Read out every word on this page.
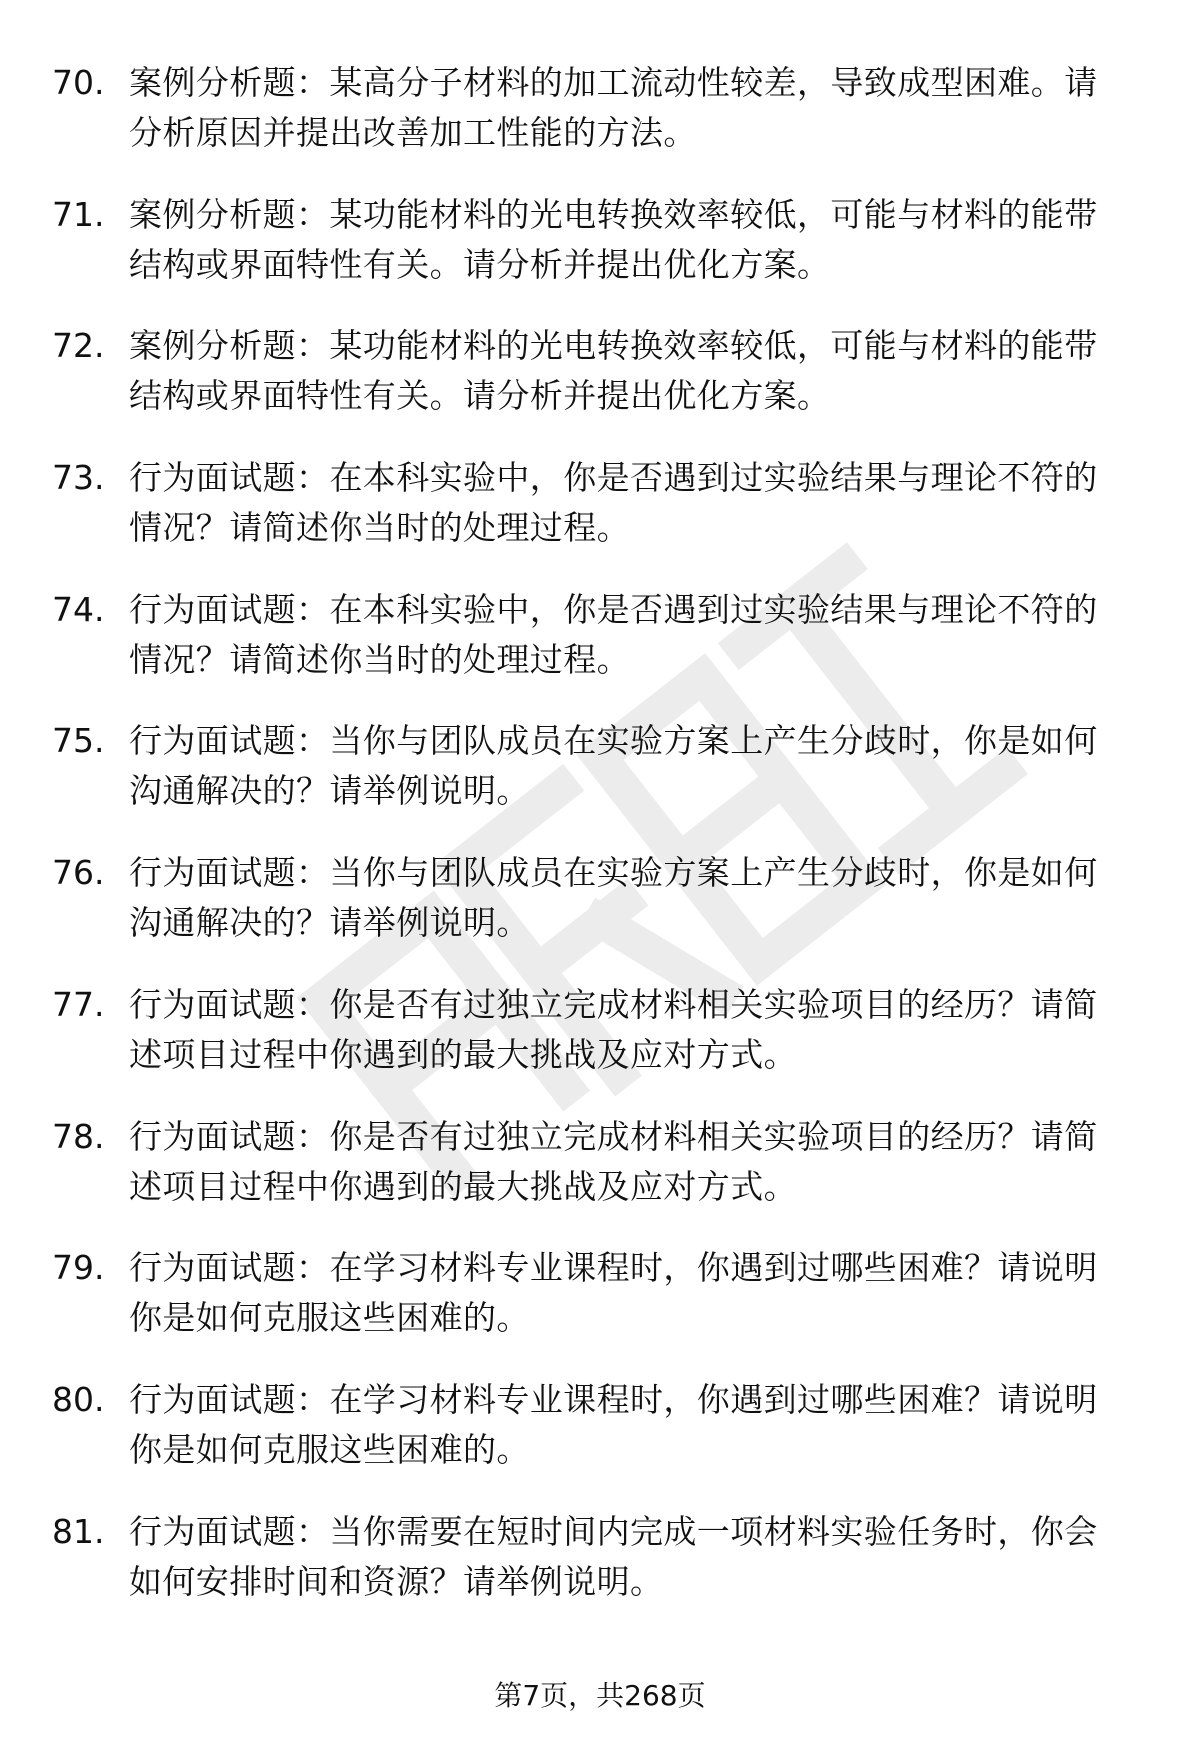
70. 案例分析题：某高分子材料的加工流动性较差，导致成型困难。请分析原因并提出改善加工性能的方法。
71. 案例分析题：某功能材料的光电转换效率较低，可能与材料的能带结构或界面特性有关。请分析并提出优化方案。
72. 案例分析题：某功能材料的光电转换效率较低，可能与材料的能带结构或界面特性有关。请分析并提出优化方案。
73. 行为面试题：在本科实验中，你是否遇到过实验结果与理论不符的情况？请简述你当时的处理过程。
74. 行为面试题：在本科实验中，你是否遇到过实验结果与理论不符的情况？请简述你当时的处理过程。
75. 行为面试题：当你与团队成员在实验方案上产生分歧时，你是如何沟通解决的？请举例说明。
76. 行为面试题：当你与团队成员在实验方案上产生分歧时，你是如何沟通解决的？请举例说明。
77. 行为面试题：你是否有过独立完成材料相关实验项目的经历？请简述项目过程中你遇到的最大挑战及应对方式。
78. 行为面试题：你是否有过独立完成材料相关实验项目的经历？请简述项目过程中你遇到的最大挑战及应对方式。
79. 行为面试题：在学习材料专业课程时，你遇到过哪些困难？请说明你是如何克服这些困难的。
80. 行为面试题：在学习材料专业课程时，你遇到过哪些困难？请说明你是如何克服这些困难的。
81. 行为面试题：当你需要在短时间内完成一项材料实验任务时，你会如何安排时间和资源？请举例说明。
第7页，共268页
